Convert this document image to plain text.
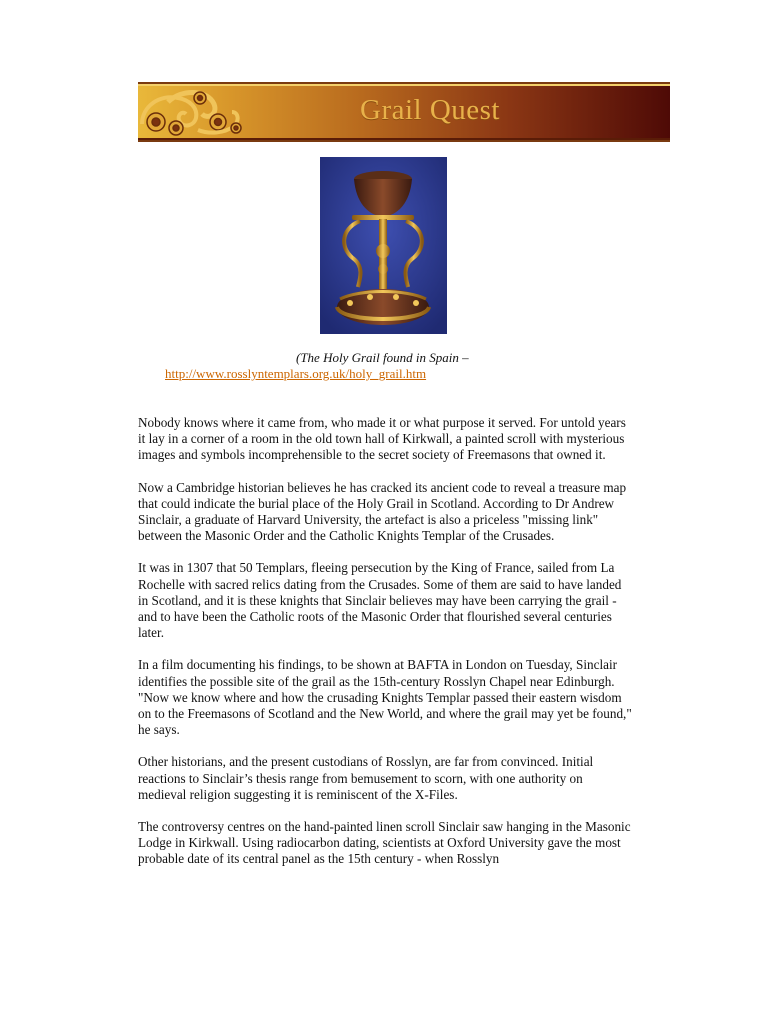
Grail Quest
(The Holy Grail found in Spain –
http://www.rosslyntemplars.org.uk/holy_grail.htm

Nobody knows where it came from, who made it or what purpose it served. For untold years it lay in a corner of a room in the old town hall of Kirkwall, a painted scroll with mysterious images and symbols incomprehensible to the secret society of Freemasons that owned it.

Now a Cambridge historian believes he has cracked its ancient code to reveal a treasure map that could indicate the burial place of the Holy Grail in Scotland. According to Dr Andrew Sinclair, a graduate of Harvard University, the artefact is also a priceless "missing link" between the Masonic Order and the Catholic Knights Templar of the Crusades.

It was in 1307 that 50 Templars, fleeing persecution by the King of France, sailed from La Rochelle with sacred relics dating from the Crusades. Some of them are said to have landed in Scotland, and it is these knights that Sinclair believes may have been carrying the grail - and to have been the Catholic roots of the Masonic Order that flourished several centuries later.

In a film documenting his findings, to be shown at BAFTA in London on Tuesday, Sinclair identifies the possible site of the grail as the 15th-century Rosslyn Chapel near Edinburgh. "Now we know where and how the crusading Knights Templar passed their eastern wisdom on to the Freemasons of Scotland and the New World, and where the grail may yet be found," he says.

Other historians, and the present custodians of Rosslyn, are far from convinced. Initial reactions to Sinclair’s thesis range from bemusement to scorn, with one authority on medieval religion suggesting it is reminiscent of the X-Files.

The controversy centres on the hand-painted linen scroll Sinclair saw hanging in the Masonic Lodge in Kirkwall. Using radiocarbon dating, scientists at Oxford University gave the most probable date of its central panel as the 15th century - when Rosslyn
